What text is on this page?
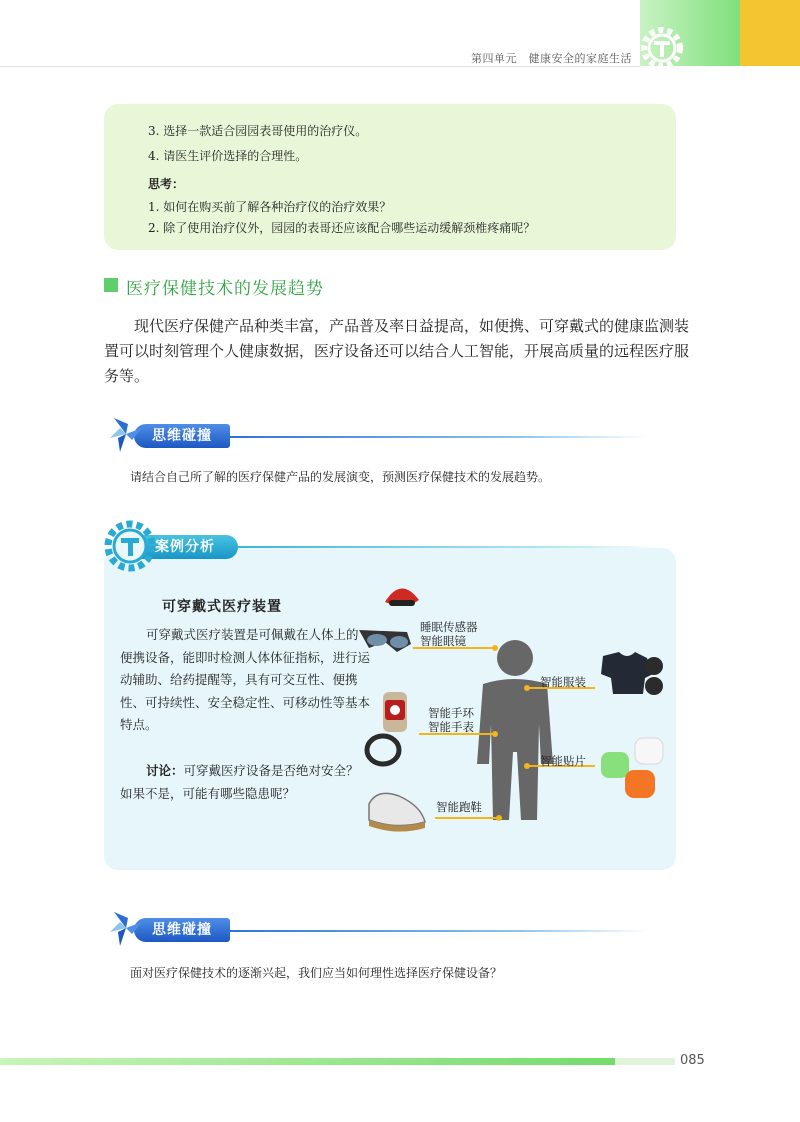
第四单元　健康安全的家庭生活

3. 选择一款适合园园表哥使用的治疗仪。

4. 请医生评价选择的合理性。

思考：

1. 如何在购买前了解各种治疗仪的治疗效果？

2. 除了使用治疗仪外，园园的表哥还应该配合哪些运动缓解颈椎疼痛呢？

医疗保健技术的发展趋势

现代医疗保健产品种类丰富，产品普及率日益提高，如便携、可穿戴式的健康监测装置可以时刻管理个人健康数据，医疗设备还可以结合人工智能，开展高质量的远程医疗服务等。

思维碰撞

请结合自己所了解的医疗保健产品的发展演变，预测医疗保健技术的发展趋势。

案例分析
可穿戴式医疗装置

可穿戴式医疗装置是可佩戴在人体上的便携设备，能即时检测人体体征指标，进行运动辅助、给药提醒等，具有可交互性、便携性、可持续性、安全稳定性、可移动性等基本特点。

讨论：可穿戴医疗设备是否绝对安全？如果不是，可能有哪些隐患呢？

睡眠传感器

智能眼镜

智能手环

智能手表

智能跑鞋

智能服装

智能贴片

思维碰撞

面对医疗保健技术的逐渐兴起，我们应当如何理性选择医疗保健设备？

085
